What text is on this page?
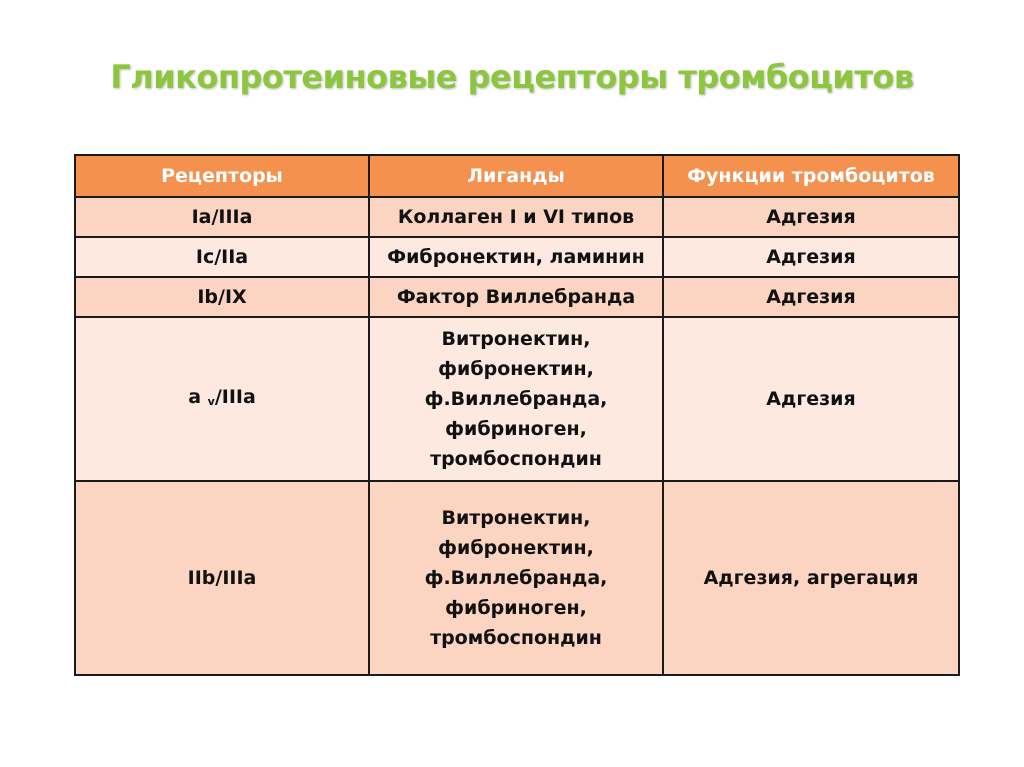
Гликопротеиновые рецепторы тромбоцитов
Рецепторы	Лиганды	Функции тромбоцитов
Ia/IIIa	Коллаген I и VI типов	Адгезия
Ic/IIa	Фибронектин, ламинин	Адгезия
Ib/IX	Фактор Виллебранда	Адгезия
a v/IIIa	Витронектин,
фибронектин,
ф.Виллебранда,
фибриноген,
тромбоспондин	Адгезия
IIb/IIIa	Витронектин,
фибронектин,
ф.Виллебранда,
фибриноген,
тромбоспондин	Адгезия, агрегация
